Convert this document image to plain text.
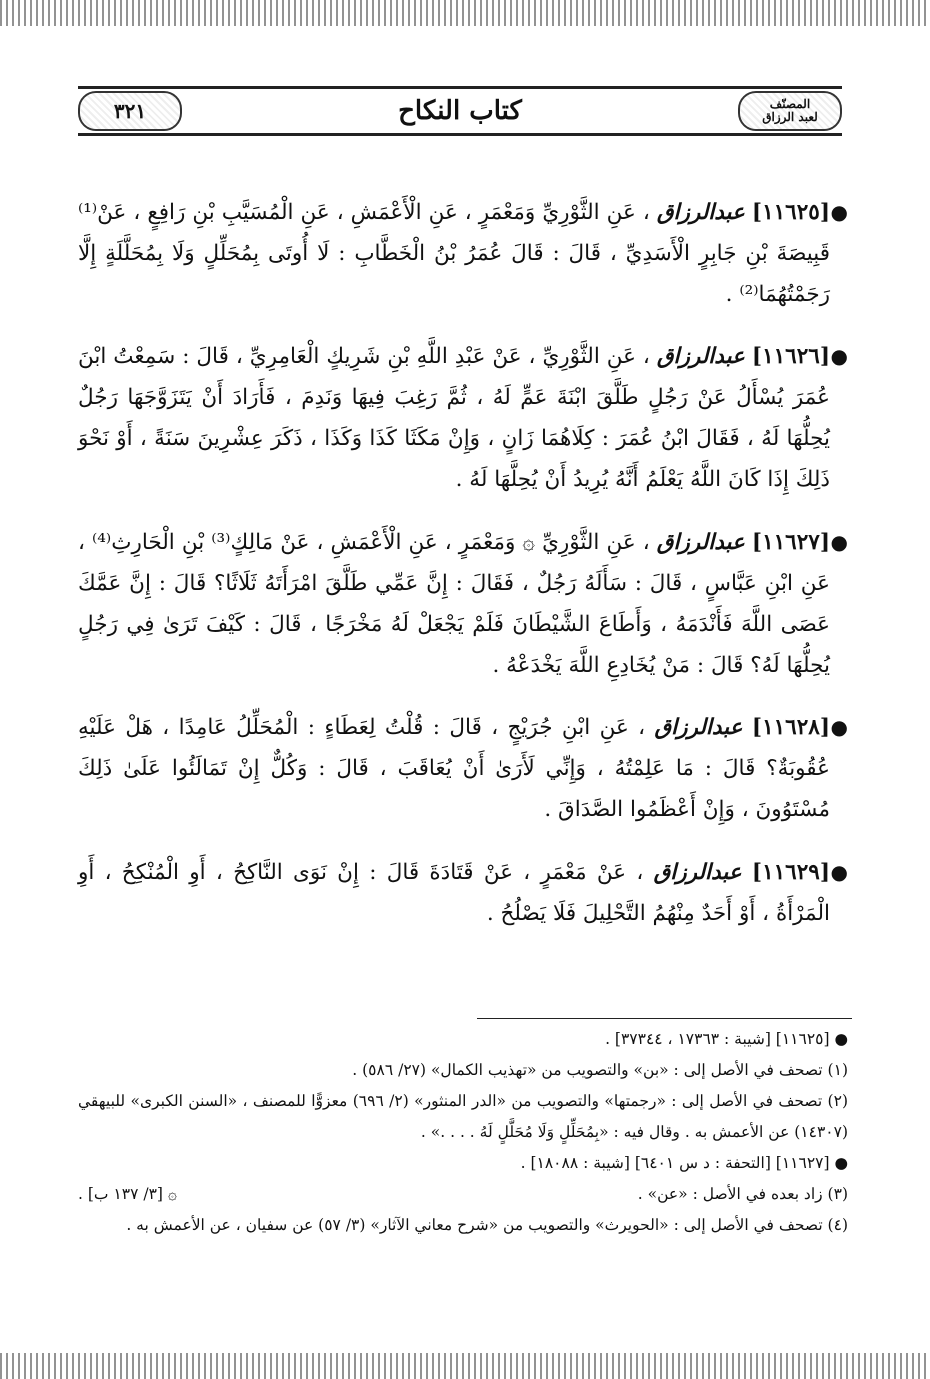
٣٢١	كتاب النكاح	المصنّف
لعبد الرزاق

●
[١١٦٢٥] عبدالرزاق ، عَنِ الثَّوْرِيِّ وَمَعْمَرٍ ، عَنِ الْأَعْمَشِ ، عَنِ الْمُسَيَّبِ بْنِ رَافِعٍ ، عَنْ⁽¹⁾ قَبِيصَةَ بْنِ جَابِرٍ الْأَسَدِيِّ ، قَالَ : قَالَ عُمَرُ بْنُ الْخَطَّابِ : لَا أُوتَى بِمُحَلِّلٍ وَلَا بِمُحَلَّلَةٍ إِلَّا رَجَمْتُهُمَا⁽²⁾ .

●
[١١٦٢٦] عبدالرزاق ، عَنِ الثَّوْرِيِّ ، عَنْ عَبْدِ اللَّهِ بْنِ شَرِيكٍ الْعَامِرِيِّ ، قَالَ : سَمِعْتُ ابْنَ عُمَرَ يُسْأَلُ عَنْ رَجُلٍ طَلَّقَ ابْنَةَ عَمٍّ لَهُ ، ثُمَّ رَغِبَ فِيهَا وَنَدِمَ ، فَأَرَادَ أَنْ يَتَزَوَّجَهَا رَجُلٌ يُحِلُّهَا لَهُ ، فَقَالَ ابْنُ عُمَرَ : كِلَاهُمَا زَانٍ ، وَإِنْ مَكَثَا كَذَا وَكَذَا ، ذَكَرَ عِشْرِينَ سَنَةً ، أَوْ نَحْوَ ذَلِكَ إِذَا كَانَ اللَّهُ يَعْلَمُ أَنَّهُ يُرِيدُ أَنْ يُحِلَّهَا لَهُ .

●
[١١٦٢٧] عبدالرزاق ، عَنِ الثَّوْرِيِّ ۞ وَمَعْمَرٍ ، عَنِ الْأَعْمَشِ ، عَنْ مَالِكٍ⁽³⁾ بْنِ الْحَارِثِ⁽⁴⁾ ، عَنِ ابْنِ عَبَّاسٍ ، قَالَ : سَأَلَهُ رَجُلٌ ، فَقَالَ : إِنَّ عَمِّي طَلَّقَ امْرَأَتَهُ ثَلَاثًا؟ قَالَ : إِنَّ عَمَّكَ عَصَى اللَّهَ فَأَنْدَمَهُ ، وَأَطَاعَ الشَّيْطَانَ فَلَمْ يَجْعَلْ لَهُ مَخْرَجًا ، قَالَ : كَيْفَ تَرَىٰ فِي رَجُلٍ يُحِلُّهَا لَهُ؟ قَالَ : مَنْ يُخَادِعِ اللَّهَ يَخْدَعْهُ .

●
[١١٦٢٨] عبدالرزاق ، عَنِ ابْنِ جُرَيْجٍ ، قَالَ : قُلْتُ لِعَطَاءٍ : الْمُحَلِّلُ عَامِدًا ، هَلْ عَلَيْهِ عُقُوبَةٌ؟ قَالَ : مَا عَلِمْتُهُ ، وَإِنِّي لَأَرَىٰ أَنْ يُعَاقَبَ ، قَالَ : وَكُلٌّ إِنْ تَمَالَئُوا عَلَىٰ ذَلِكَ مُسْتَوُونَ ، وَإِنْ أَعْظَمُوا الصَّدَاقَ .

●
[١١٦٢٩] عبدالرزاق ، عَنْ مَعْمَرٍ ، عَنْ قَتَادَةَ قَالَ : إِنْ نَوَى النَّاكِحُ ، أَوِ الْمُنْكِحُ ، أَوِ الْمَرْأَةُ ، أَوْ أَحَدٌ مِنْهُمُ التَّحْلِيلَ فَلَا يَصْلُحُ .

● [١١٦٢٥] [شيبة : ١٧٣٦٣ ، ٣٧٣٤٤] .

(١) تصحف في الأصل إلى : «بن» والتصويب من «تهذيب الكمال» (٢٧/ ٥٨٦) .

(٢) تصحف في الأصل إلى : «رجمتها» والتصويب من «الدر المنثور» (٢/ ٦٩٦) معزوًّا للمصنف ، «السنن الكبرى» للبيهقي (١٤٣٠٧) عن الأعمش به . وقال فيه : «بِمُحَلِّلٍ وَلَا مُحَلَّلٍ لَهُ . . . .» .

● [١١٦٢٧] [التحفة : د س ٦٤٠١] [شيبة : ١٨٠٨٨] .

(٣) زاد بعده في الأصل : «عن» .

۞ [٣/ ١٣٧ ب] .

(٤) تصحف في الأصل إلى : «الحويرث» والتصويب من «شرح معاني الآثار» (٣/ ٥٧) عن سفيان ، عن الأعمش به .
